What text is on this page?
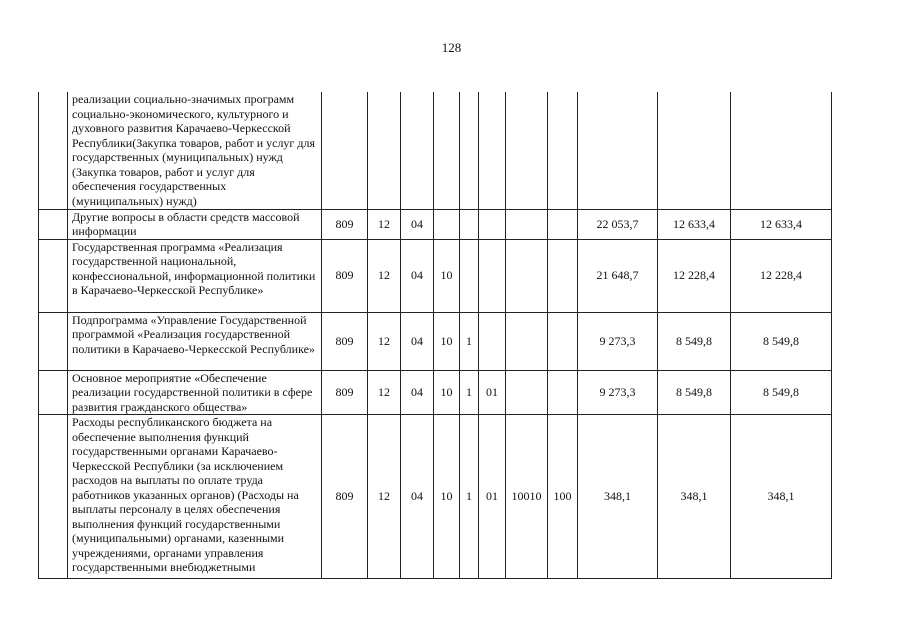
128
	реализации социально-значимых программ социально-экономического, культурного и духовного развития Карачаево-Черкесской Республики(Закупка товаров, работ и услуг для государственных (муниципальных) нужд (Закупка товаров, работ и услуг для обеспечения государственных (муниципальных) нужд)											
	Другие вопросы в области средств массовой информации	809	12	04						22 053,7	12 633,4	12 633,4
	Государственная программа «Реализация государственной национальной, конфессиональной, информационной политики в Карачаево-Черкесской Республике»	809	12	04	10					21 648,7	12 228,4	12 228,4
	Подпрограмма «Управление Государственной программой «Реализация государственной политики в Карачаево-Черкесской Республике»	809	12	04	10	1				9 273,3	8 549,8	8 549,8
	Основное мероприятие «Обеспечение реализации государственной политики в сфере развития гражданского общества»	809	12	04	10	1	01			9 273,3	8 549,8	8 549,8
	Расходы республиканского бюджета на обеспечение выполнения функций государственными органами Карачаево-Черкесской Республики (за исключением расходов на выплаты по оплате труда работников указанных органов) (Расходы на выплаты персоналу в целях обеспечения выполнения функций государственными (муниципальными) органами, казенными учреждениями, органами управления государственными внебюджетными	809	12	04	10	1	01	10010	100	348,1	348,1	348,1
